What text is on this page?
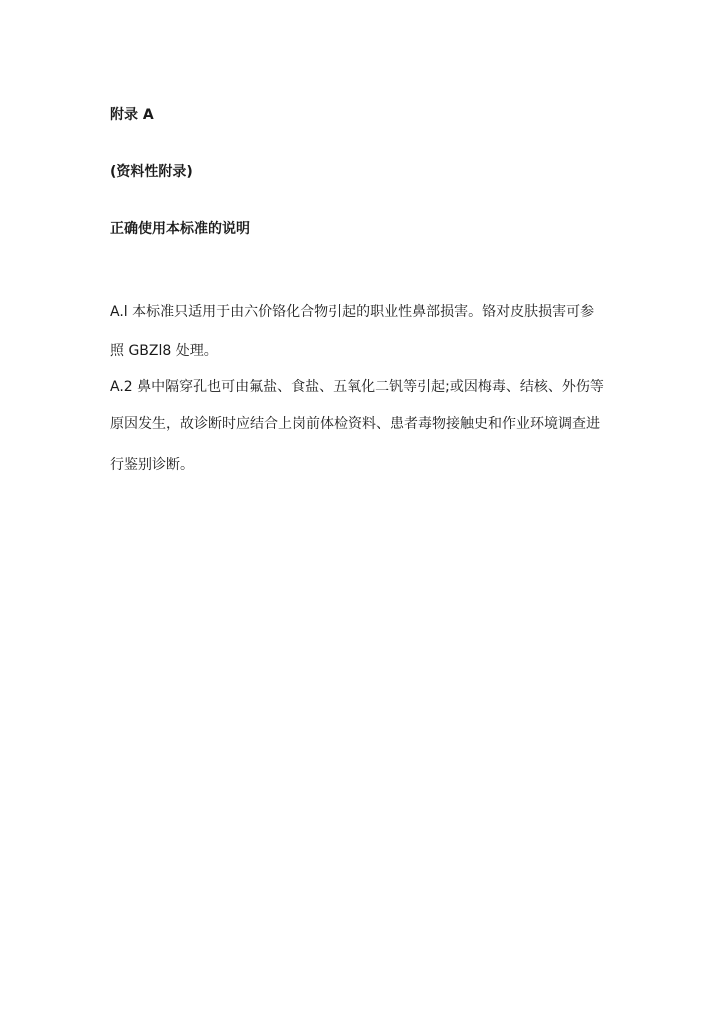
附录 A

(资料性附录)

正确使用本标准的说明

A.l 本标准只适用于由六价铬化合物引起的职业性鼻部损害。铬对皮肤损害可参

照 GBZl8 处理。

A.2 鼻中隔穿孔也可由氟盐、食盐、五氧化二钒等引起;或因梅毒、结核、外伤等

原因发生，故诊断时应结合上岗前体检资料、患者毒物接触史和作业环境调查进

行鉴别诊断。
